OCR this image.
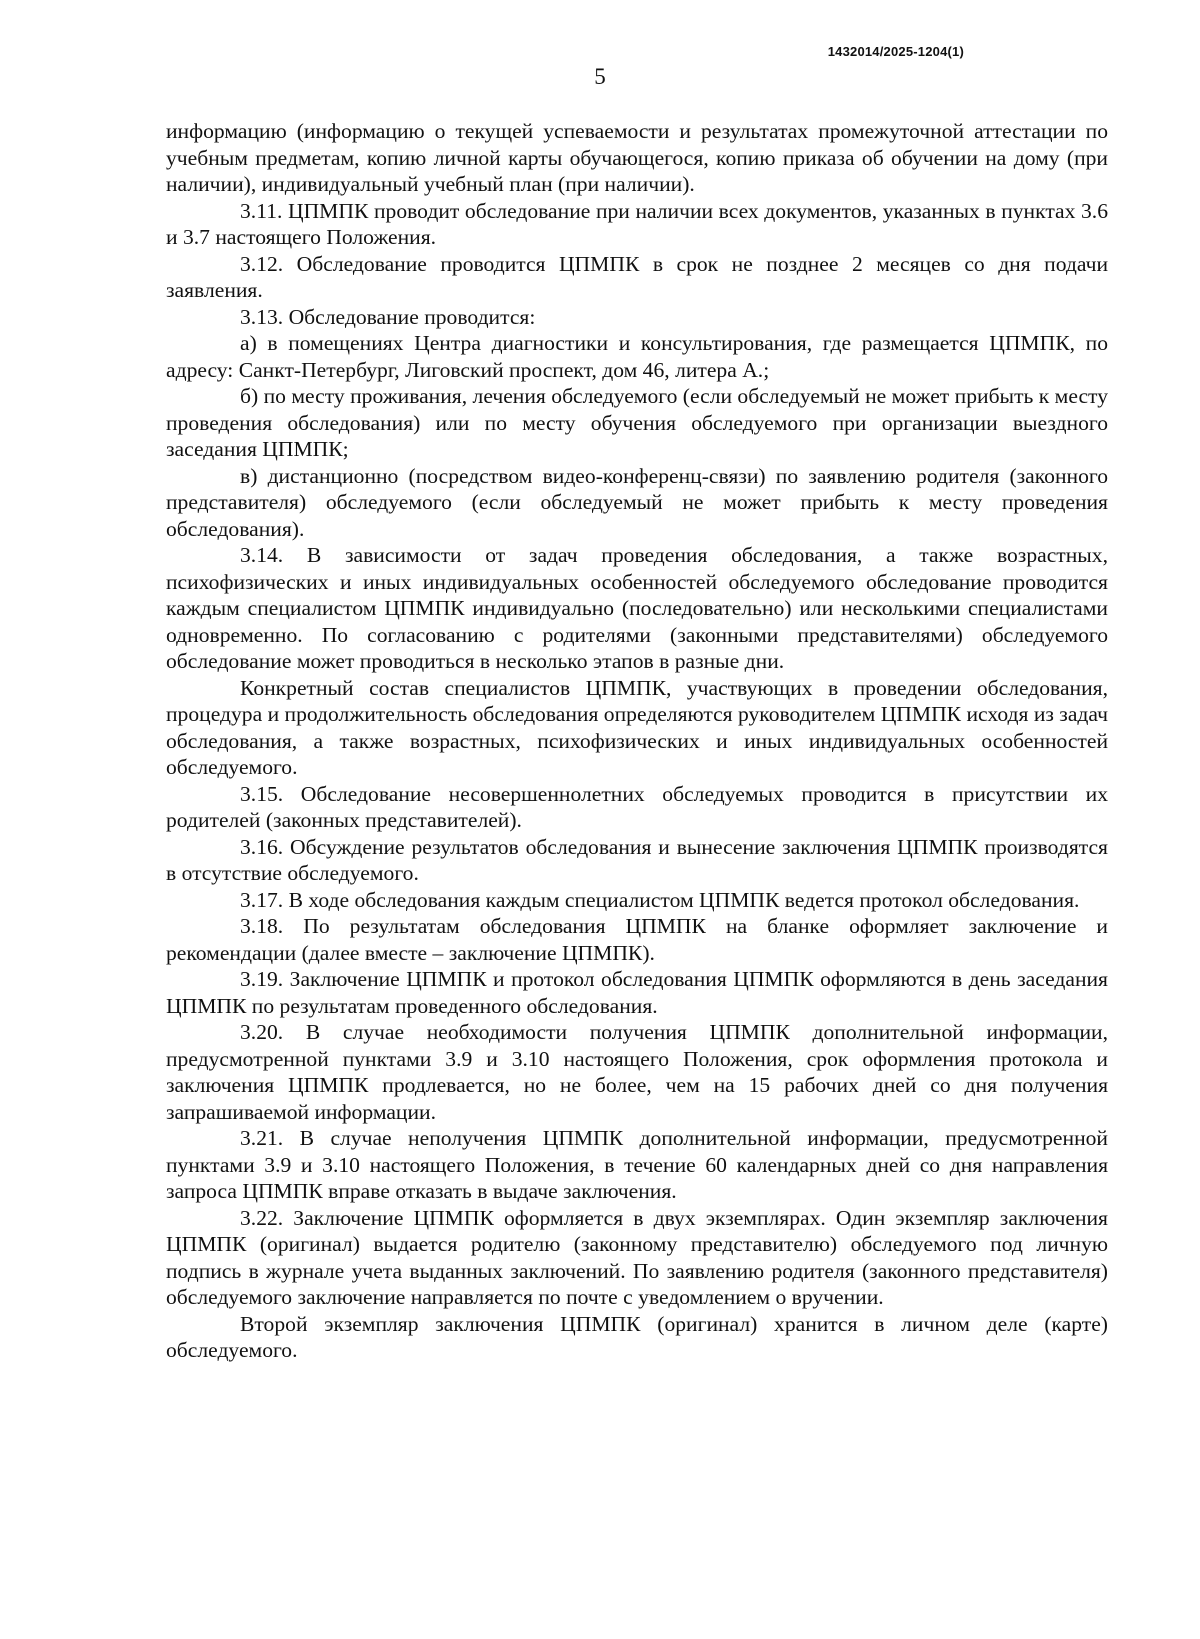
1432014/2025-1204(1)
5

информацию (информацию о текущей успеваемости и результатах промежуточной аттестации по учебным предметам, копию личной карты обучающегося, копию приказа об обучении на дому (при наличии), индивидуальный учебный план (при наличии).

3.11. ЦПМПК проводит обследование при наличии всех документов, указанных в пунктах 3.6 и 3.7 настоящего Положения.

3.12. Обследование проводится ЦПМПК в срок не позднее 2 месяцев со дня подачи заявления.

3.13. Обследование проводится:

а) в помещениях Центра диагностики и консультирования, где размещается ЦПМПК, по адресу: Санкт-Петербург, Лиговский проспект, дом 46, литера А.;

б) по месту проживания, лечения обследуемого (если обследуемый не может прибыть к месту проведения обследования) или по месту обучения обследуемого при организации выездного заседания ЦПМПК;

в) дистанционно (посредством видео-конференц-связи) по заявлению родителя (законного представителя) обследуемого (если обследуемый не может прибыть к месту проведения обследования).

3.14. В зависимости от задач проведения обследования, а также возрастных, психофизических и иных индивидуальных особенностей обследуемого обследование проводится каждым специалистом ЦПМПК индивидуально (последовательно) или несколькими специалистами одновременно. По согласованию с родителями (законными представителями) обследуемого обследование может проводиться в несколько этапов в разные дни.

Конкретный состав специалистов ЦПМПК, участвующих в проведении обследования, процедура и продолжительность обследования определяются руководителем ЦПМПК исходя из задач обследования, а также возрастных, психофизических и иных индивидуальных особенностей обследуемого.

3.15. Обследование несовершеннолетних обследуемых проводится в присутствии их родителей (законных представителей).

3.16. Обсуждение результатов обследования и вынесение заключения ЦПМПК производятся в отсутствие обследуемого.

3.17. В ходе обследования каждым специалистом ЦПМПК ведется протокол обследования.

3.18. По результатам обследования ЦПМПК на бланке оформляет заключение и рекомендации (далее вместе – заключение ЦПМПК).

3.19. Заключение ЦПМПК и протокол обследования ЦПМПК оформляются в день заседания ЦПМПК по результатам проведенного обследования.

3.20. В случае необходимости получения ЦПМПК дополнительной информации, предусмотренной пунктами 3.9 и 3.10 настоящего Положения, срок оформления протокола и заключения ЦПМПК продлевается, но не более, чем на 15 рабочих дней со дня получения запрашиваемой информации.

3.21. В случае неполучения ЦПМПК дополнительной информации, предусмотренной пунктами 3.9 и 3.10 настоящего Положения, в течение 60 календарных дней со дня направления запроса ЦПМПК вправе отказать в выдаче заключения.

3.22. Заключение ЦПМПК оформляется в двух экземплярах. Один экземпляр заключения ЦПМПК (оригинал) выдается родителю (законному представителю) обследуемого под личную подпись в журнале учета выданных заключений. По заявлению родителя (законного представителя) обследуемого заключение направляется по почте с уведомлением о вручении.

Второй экземпляр заключения ЦПМПК (оригинал) хранится в личном деле (карте) обследуемого.
